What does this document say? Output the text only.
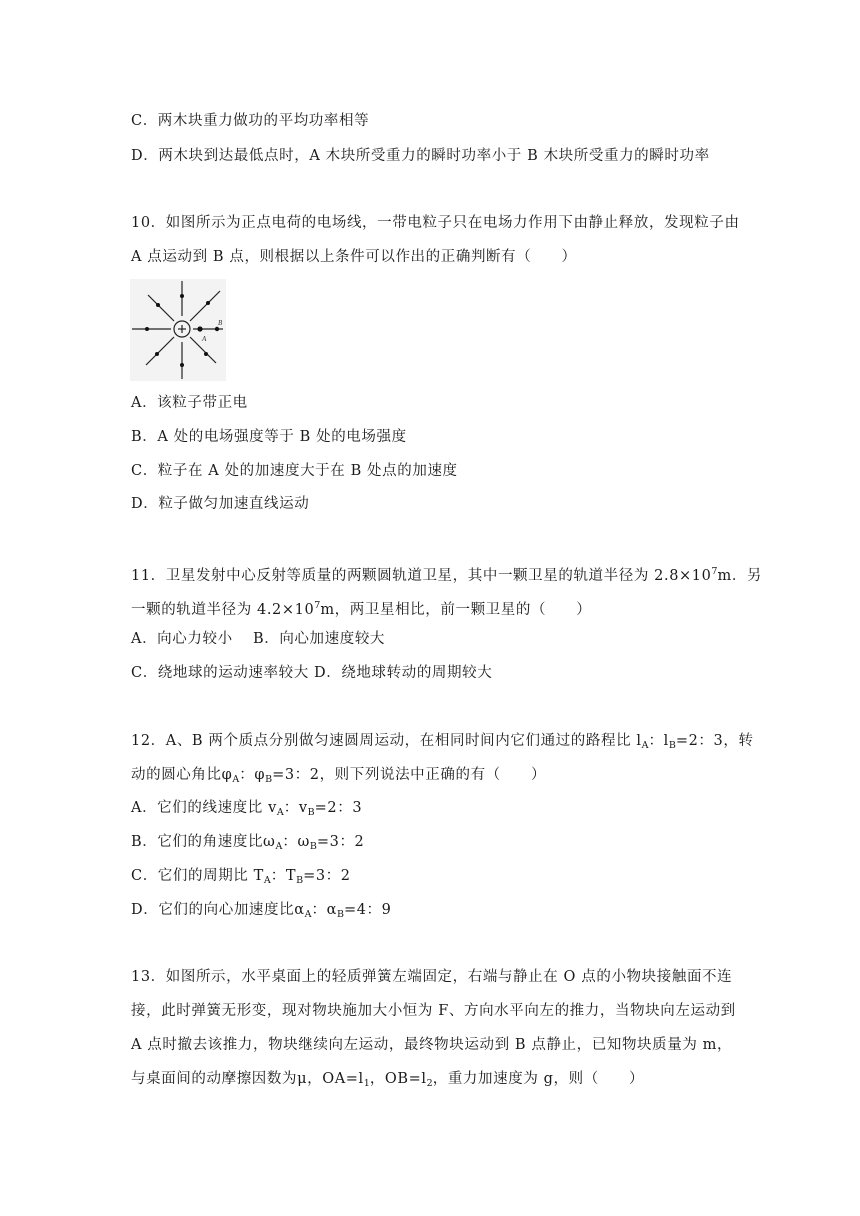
C．两木块重力做功的平均功率相等
D．两木块到达最低点时，A 木块所受重力的瞬时功率小于 B 木块所受重力的瞬时功率
10．如图所示为正点电荷的电场线，一带电粒子只在电场力作用下由静止释放，发现粒子由
A 点运动到 B 点，则根据以上条件可以作出的正确判断有（　　）
A
B
A．该粒子带正电
B．A 处的电场强度等于 B 处的电场强度
C．粒子在 A 处的加速度大于在 B 处点的加速度
D．粒子做匀加速直线运动
11．卫星发射中心反射等质量的两颗圆轨道卫星，其中一颗卫星的轨道半径为 $2.8\times 10^7m$．另
一颗的轨道半径为 $4.2\times 10^7m$，两卫星相比，前一颗卫星的（　　）
A．向心力较小　 B．向心加速度较大
C．绕地球的运动速率较大 D．绕地球转动的周期较大
12．A、B 两个质点分别做匀速圆周运动，在相同时间内它们通过的路程比 $l_A$：$l_B=2$：3，转
动的圆心角比$\varphi_A$：$\varphi_B=3$：2，则下列说法中正确的有（　　）
A．它们的线速度比 $v_A$：$v_B=2$：3
B．它们的角速度比$\omega_A$：$\omega_B=3$：2
C．它们的周期比 $T_A$：$T_B=3$：2
D．它们的向心加速度比$\alpha_A$：$\alpha_B=4$：9
13．如图所示，水平桌面上的轻质弹簧左端固定，右端与静止在 O 点的小物块接触面不连
接，此时弹簧无形变，现对物块施加大小恒为 F、方向水平向左的推力，当物块向左运动到
A 点时撤去该推力，物块继续向左运动，最终物块运动到 B 点静止，已知物块质量为 m，
与桌面间的动摩擦因数为μ，$OA=l_1$，$OB=l_2$，重力加速度为 g，则（　　）
